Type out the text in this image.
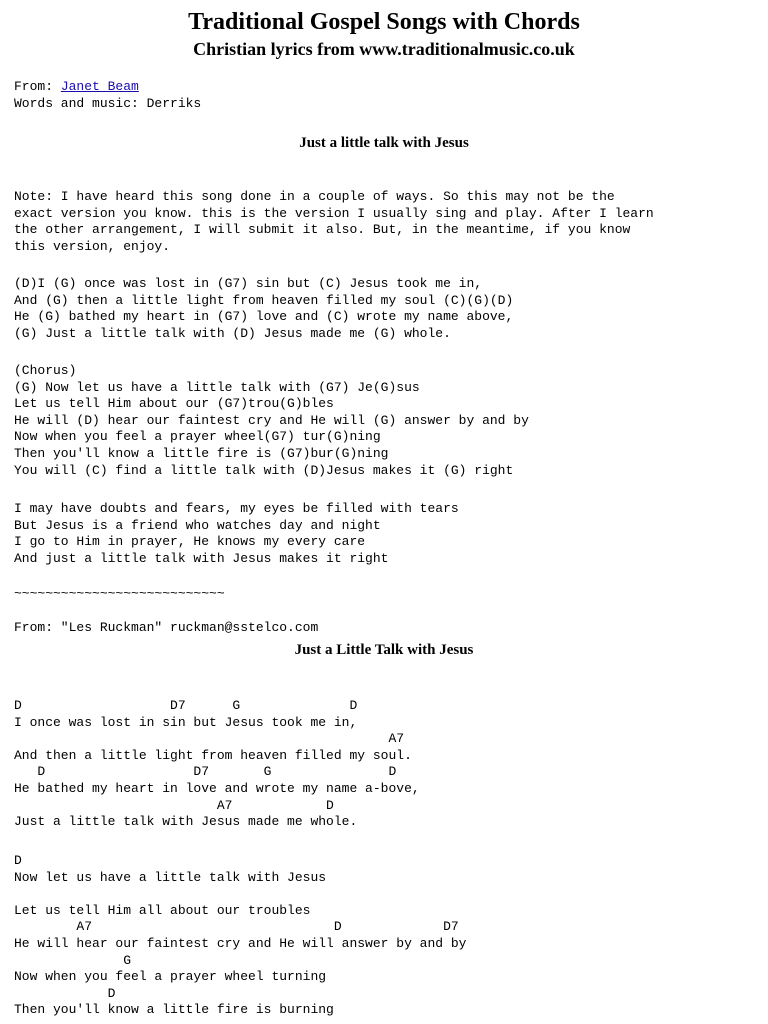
Traditional Gospel Songs with Chords
Christian lyrics from www.traditionalmusic.co.uk
From: Janet Beam
Words and music: Derriks
Just a little talk with Jesus
Note: I have heard this song done in a couple of ways. So this may not be the
exact version you know. this is the version I usually sing and play. After I learn
the other arrangement, I will submit it also. But, in the meantime, if you know
this version, enjoy.
(D)I (G) once was lost in (G7) sin but (C) Jesus took me in,
And (G) then a little light from heaven filled my soul (C)(G)(D)
He (G) bathed my heart in (G7) love and (C) wrote my name above,
(G) Just a little talk with (D) Jesus made me (G) whole.
(Chorus)
(G) Now let us have a little talk with (G7) Je(G)sus
Let us tell Him about our (G7)trou(G)bles
He will (D) hear our faintest cry and He will (G) answer by and by
Now when you feel a prayer wheel(G7) tur(G)ning
Then you'll know a little fire is (G7)bur(G)ning
You will (C) find a little talk with (D)Jesus makes it (G) right
I may have doubts and fears, my eyes be filled with tears
But Jesus is a friend who watches day and night
I go to Him in prayer, He knows my every care
And just a little talk with Jesus makes it right
~~~~~~~~~~~~~~~~~~~~~~~~~~~
From: "Les Ruckman" ruckman@sstelco.com
Just a Little Talk with Jesus
D                   D7      G              D
I once was lost in sin but Jesus took me in,
A7
And then a little light from heaven filled my soul.
D                   D7       G               D
He bathed my heart in love and wrote my name a-bove,
A7            D
Just a little talk with Jesus made me whole.
D
Now let us have a little talk with Jesus

Let us tell Him all about our troubles
A7                               D             D7
He will hear our faintest cry and He will answer by and by
G
Now when you feel a prayer wheel turning
D
Then you'll know a little fire is burning
